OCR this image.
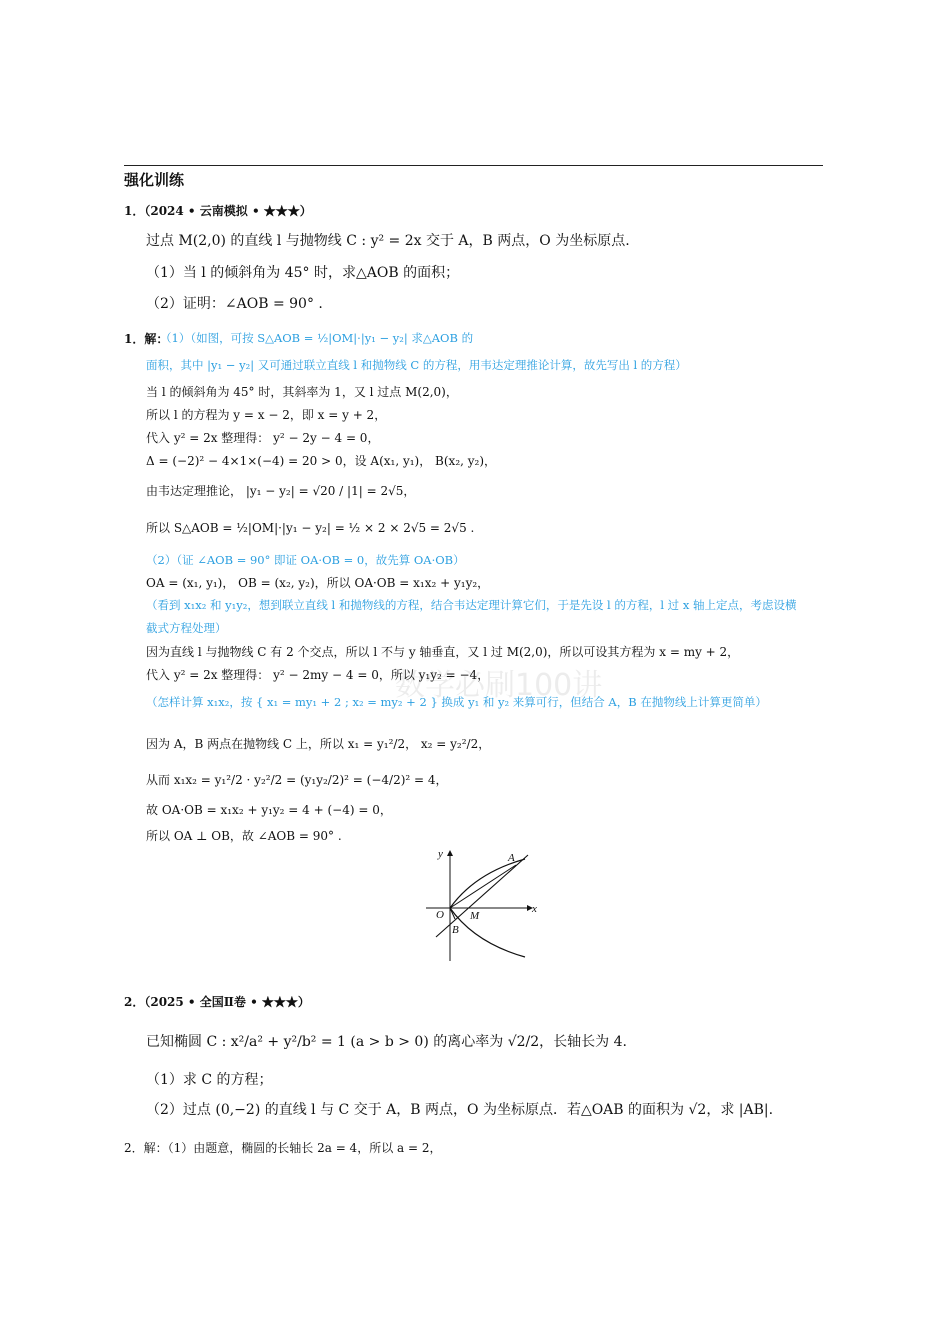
数学必刷100讲
强化训练
1．（2024 • 云南模拟 • ★★★）
过点 M(2,0) 的直线 l 与抛物线 C : y² = 2x 交于 A，B 两点，O 为坐标原点.
（1）当 l 的倾斜角为 45° 时，求△AOB 的面积；
（2）证明：∠AOB = 90° .
1．解：
（1）（如图，可按 S△AOB = ½|OM|·|y₁ − y₂| 求△AOB 的
面积，其中 |y₁ − y₂| 又可通过联立直线 l 和抛物线 C 的方程，用韦达定理推论计算，故先写出 l 的方程）
当 l 的倾斜角为 45° 时，其斜率为 1，又 l 过点 M(2,0)，
所以 l 的方程为 y = x − 2，即 x = y + 2，
代入 y² = 2x 整理得： y² − 2y − 4 = 0，
Δ = (−2)² − 4×1×(−4) = 20 > 0，设 A(x₁, y₁)， B(x₂, y₂)，
由韦达定理推论， |y₁ − y₂| = √20 / |1| = 2√5，
所以 S△AOB = ½|OM|·|y₁ − y₂| = ½ × 2 × 2√5 = 2√5 .
（2）（证 ∠AOB = 90° 即证 OA·OB = 0，故先算 OA·OB）
OA = (x₁, y₁)， OB = (x₂, y₂)，所以 OA·OB = x₁x₂ + y₁y₂，
（看到 x₁x₂ 和 y₁y₂，想到联立直线 l 和抛物线的方程，结合韦达定理计算它们，于是先设 l 的方程，l 过 x 轴上定点，考虑设横
截式方程处理）
因为直线 l 与抛物线 C 有 2 个交点，所以 l 不与 y 轴垂直，又 l 过 M(2,0)，所以可设其方程为 x = my + 2，
代入 y² = 2x 整理得： y² − 2my − 4 = 0，所以 y₁y₂ = −4，
（怎样计算 x₁x₂，按 { x₁ = my₁ + 2 ; x₂ = my₂ + 2 } 换成 y₁ 和 y₂ 来算可行，但结合 A，B 在抛物线上计算更简单）
因为 A，B 两点在抛物线 C 上，所以 x₁ = y₁²/2， x₂ = y₂²/2，
从而 x₁x₂ = y₁²/2 · y₂²/2 = (y₁y₂/2)² = (−4/2)² = 4，
故 OA·OB = x₁x₂ + y₁y₂ = 4 + (−4) = 0，
所以 OA ⊥ OB，故 ∠AOB = 90° .
y
x
O M
A
B
2．（2025 • 全国Ⅱ卷 • ★★★）
已知椭圆 C : x²/a² + y²/b² = 1 (a > b > 0) 的离心率为 √2/2，长轴长为 4.
（1）求 C 的方程；
（2）过点 (0,−2) 的直线 l 与 C 交于 A，B 两点，O 为坐标原点．若△OAB 的面积为 √2，求 |AB|.
2．解：（1）由题意，椭圆的长轴长 2a = 4，所以 a = 2，
